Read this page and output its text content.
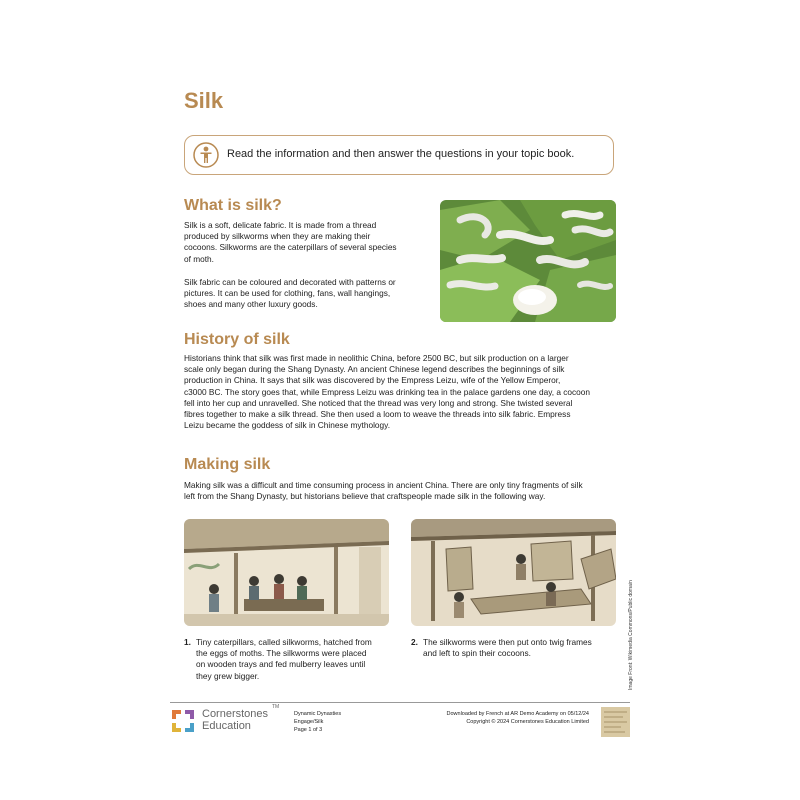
Silk
Read the information and then answer the questions in your topic book.
What is silk?

Silk is a soft, delicate fabric. It is made from a thread
produced by silkworms when they are making their
cocoons. Silkworms are the caterpillars of several species
of moth.

Silk fabric can be coloured and decorated with patterns or
pictures. It can be used for clothing, fans, wall hangings,
shoes and many other luxury goods.

History of silk

Historians think that silk was first made in neolithic China, before 2500 BC, but silk production on a larger
scale only began during the Shang Dynasty. An ancient Chinese legend describes the beginnings of silk
production in China. It says that silk was discovered by the Empress Leizu, wife of the Yellow Emperor,
c3000 BC. The story goes that, while Empress Leizu was drinking tea in the palace gardens one day, a cocoon
fell into her cup and unravelled. She noticed that the thread was very long and strong. She twisted several
fibres together to make a silk thread. She then used a loom to weave the threads into silk fabric. Empress
Leizu became the goddess of silk in Chinese mythology.

Making silk

Making silk was a difficult and time consuming process in ancient China. There are only tiny fragments of silk
left from the Shang Dynasty, but historians believe that craftspeople made silk in the following way.

1. Tiny caterpillars, called silkworms, hatched from
the eggs of moths. The silkworms were placed
on wooden trays and fed mulberry leaves until
they grew bigger.
2. The silkworms were then put onto twig frames
and left to spin their cocoons.	Image Front: Wikimedia Commons/Public domain
Cornerstones
Education
TM
Dynamic Dynasties
Engage/Silk
Page 1 of 3
Downloaded by French at AR Demo Academy on 05/12/24
Copyright © 2024 Cornerstones Education Limited
